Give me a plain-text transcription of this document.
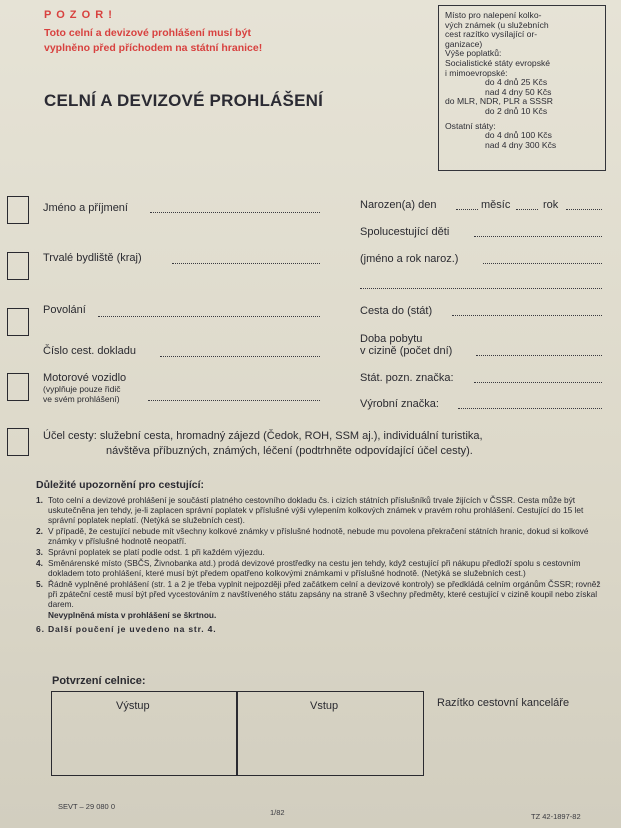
P O Z O R !
Toto celní a devizové prohlášení musí být
vyplněno před příchodem na státní hranice!
CELNÍ A DEVIZOVÉ PROHLÁŠENÍ
Místo pro nalepení kolko-
vých známek (u služebních
cest razítko vysílající or-
ganizace)
Výše poplatků:
Socialistické státy evropské
i mimoevropské:
do 4 dnů 25 Kčs
nad 4 dny 50 Kčs
do MLR, NDR, PLR a SSSR
do 2 dnů 10 Kčs
Ostatní státy:
do 4 dnů 100 Kčs
nad 4 dny 300 Kčs
Jméno a příjmení
Trvalé bydliště (kraj)
Povolání
Číslo cest. dokladu
Motorové vozidlo
(vyplňuje pouze řidič
ve svém prohlášení)
Narozen(a) den	měsíc	rok
Spolucestující děti
(jméno a rok naroz.)
Cesta do (stát)
Doba pobytu
v cizině (počet dní)
Stát. pozn. značka:
Výrobní značka:
Účel cesty: služební cesta, hromadný zájezd (Čedok, ROH, SSM aj.), individuální turistika,
návštěva příbuzných, známých, léčení (podtrhněte odpovídající účel cesty).
Důležité upozornění pro cestující:
1. Toto celní a devizové prohlášení je součástí platného cestovního dokladu čs. i cizích státních příslušníků trvale žijících v ČSSR. Cesta může být uskutečněna jen tehdy, je-li zaplacen správní poplatek v příslušné výši vylepením kolkových známek v pravém rohu prohlášení. Cestující do 15 let správní poplatek neplatí. (Netýká se služebních cest).
2. V případě, že cestující nebude mít všechny kolkové známky v příslušné hodnotě, nebude mu povolena překračení státních hranic, dokud si kolkové známky v příslušné hodnotě neopatří.
3. Správní poplatek se platí podle odst. 1 při každém výjezdu.
4. Směnárenské místo (SBČS, Živnobanka atd.) prodá devizové prostředky na cestu jen tehdy, když cestující při nákupu předloží spolu s cestovním dokladem toto prohlášení, které musí být předem opatřeno kolkovými známkami v příslušné hodnotě. (Netýká se služebních cest.)
5. Řádně vyplněné prohlášení (str. 1 a 2 je třeba vyplnit nejpozději před začátkem celní a devizové kontroly) se předkládá celním orgánům ČSSR; rovněž při zpáteční cestě musí být před vycestováním z navštíveného státu zapsány na straně 3 všechny předměty, které cestující v cizině koupil nebo získal darem.
Nevyplněná místa v prohlášení se škrtnou.
6. Další poučení je uvedeno na str. 4.
Potvrzení celnice:
Výstup	Vstup	Razítko cestovní kanceláře
SEVT – 29 080 0
1/82	TZ 42-1897-82
